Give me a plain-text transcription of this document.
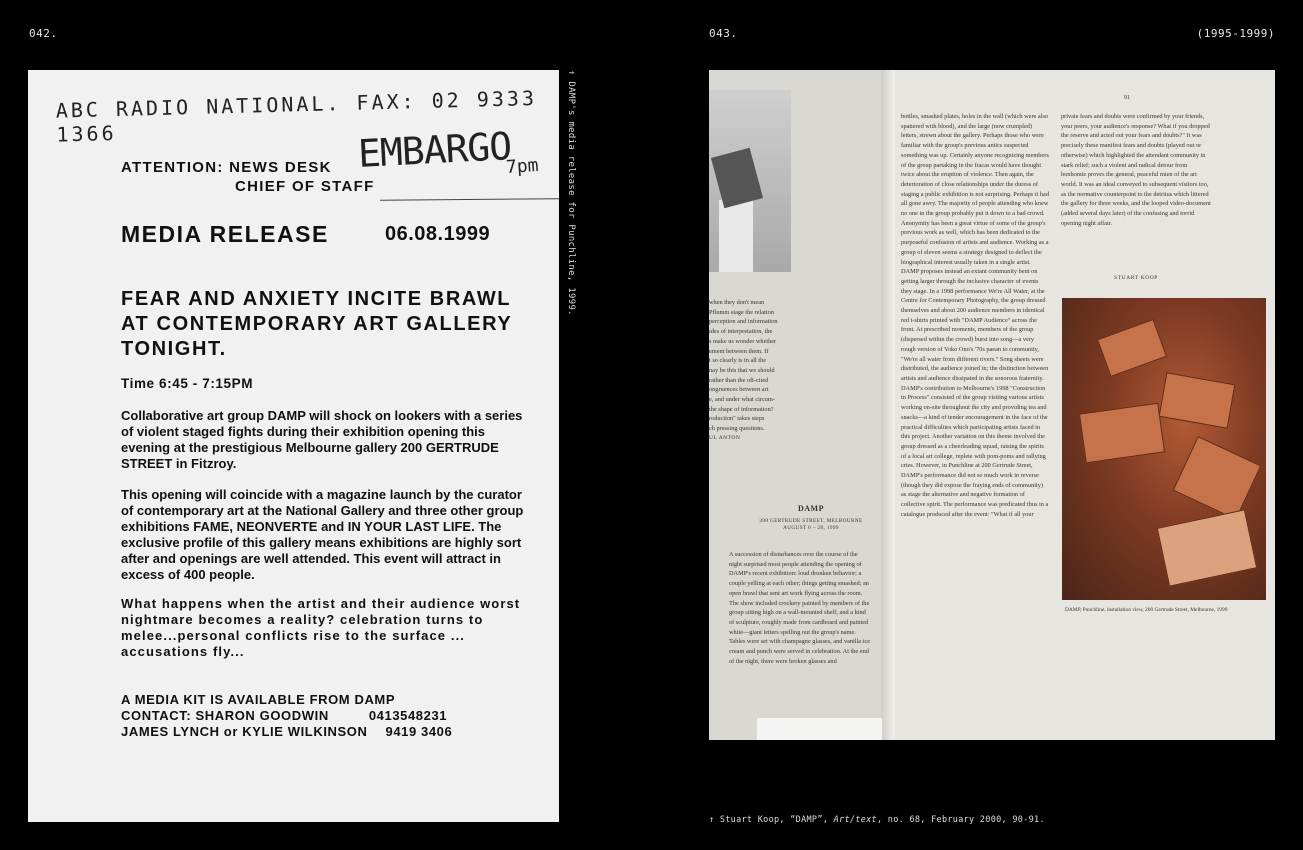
042.	043.	(1995-1999)
ABC RADIO NATIONAL. FAX: 02 9333 1366	EMBARGO
7pm
ATTENTION: NEWS DESK
CHIEF OF STAFF
MEDIA RELEASE	06.08.1999
FEAR AND ANXIETY INCITE BRAWL AT CONTEMPORARY ART GALLERY TONIGHT.
Time 6:45 - 7:15PM
Collaborative art group DAMP will shock on lookers with a series of violent staged fights during their exhibition opening this evening at the prestigious Melbourne gallery 200 GERTRUDE STREET in Fitzroy.
This opening will coincide with a magazine launch by the curator of contemporary art at the National Gallery and three other group exhibitions FAME, NEONVERTE and IN YOUR LAST LIFE. The exclusive profile of this gallery means exhibitions are highly sort after and openings are well attended. This event will attract in excess of 400 people.
What happens when the artist and their audience worst nightmare becomes a reality? celebration turns to melee...personal conflicts rise to the surface ... accusations fly...
A MEDIA KIT IS AVAILABLE FROM DAMP
CONTACT: SHARON GOODWIN	0413548231
JAMES LYNCH or KYLIE WILKINSON 9419 3406
↑ DAMP's media release for Punchline, 1999.	when they don't mean
Pflumm stage the relation
perception and information
ides of interpretation, the
s make us wonder whether
ement between them. If
t so clearly is in all the
nay be this that we should
rather than the oft-cited
ongruences between art
e, and under what circum-
the shape of information?
roduction" takes steps
ch pressing questions.
UL ANTON
DAMP
200 GERTRUDE STREET, MELBOURNE
AUGUST 6 – 28, 1999
A succession of disturbances over the course of the night surprised most people attending the opening of DAMP's recent exhibition: loud drunken behavior; a couple yelling at each other; things getting smashed; an open brawl that sent art work flying across the room. The show included crockery painted by members of the group sitting high on a wall-mounted shelf, and a kind of sculpture, roughly made from cardboard and painted white—giant letters spelling out the group's name. Tables were set with champagne glasses, and vanilla ice cream and punch were served in celebration. At the end of the night, there were broken glasses and
91
bottles, smashed plates, holes in the wall (which were also spattered with blood), and the large (now crumpled) letters, strewn about the gallery. Perhaps those who were familiar with the group's previous antics suspected something was up. Certainly anyone recognizing members of the group partaking in the fracas would have thought twice about the eruption of violence. Then again, the deterioration of close relationships under the duress of staging a public exhibition is not surprising. Perhaps it had all gone awry. The majority of people attending who knew no one in the group probably put it down to a bad crowd. Anonymity has been a great virtue of some of the group's previous work as well, which has been dedicated to the purposeful confusion of artists and audience. Working as a group of eleven seems a strategy designed to deflect the biographical interest usually taken in a single artist. DAMP proposes instead an extant community bent on getting larger through the inclusive character of events they stage. In a 1998 performance We're All Water, at the Centre for Contemporary Photography, the group dressed themselves and about 200 audience members in identical red t-shirts printed with "DAMP Audience" across the front. At prescribed moments, members of the group (dispersed within the crowd) burst into song—a very rough version of Yoko Ono's '70s paean to community, "We're all water from different rivers." Song sheets were distributed, the audience joined in; the distinction between artists and audience dissipated in the sonorous fraternity. DAMP's contribution to Melbourne's 1998 "Construction in Process" consisted of the group visiting various artists working on-site throughout the city and providing tea and snacks—a kind of tender encouragement in the face of the practical difficulties which participating artists faced in this project. Another variation on this theme involved the group dressed as a cheerleading squad, raising the spirits of a local art college, replete with pom-poms and rallying cries. However, in Punchline at 200 Gertrude Street, DAMP's performance did not so much work in reverse (though they did expose the fraying ends of community) as stage the alternative and negative formation of collective spirit. The performance was predicated thus in a catalogue produced after the event: "What if all your
private fears and doubts were confirmed by your friends, your peers, your audience's response? What if you dropped the reserve and acted out your fears and doubts?" It was precisely these manifest fears and doubts (played out or otherwise) which highlighted the attendant community in stark relief; such a violent and radical detour from bonhomie proves the general, peaceful mien of the art world. It was an ideal conveyed to subsequent visitors too, as the normative counterpoint to the detritus which littered the gallery for three weeks, and the looped video-document (added several days later) of the confusing and torrid opening night affair.
STUART KOOP
DAMP, Punchline, installation view, 200 Gertrude Street, Melbourne, 1999
↑ Stuart Koop, “DAMP”, Art/text, no. 68, February 2000, 90-91.
